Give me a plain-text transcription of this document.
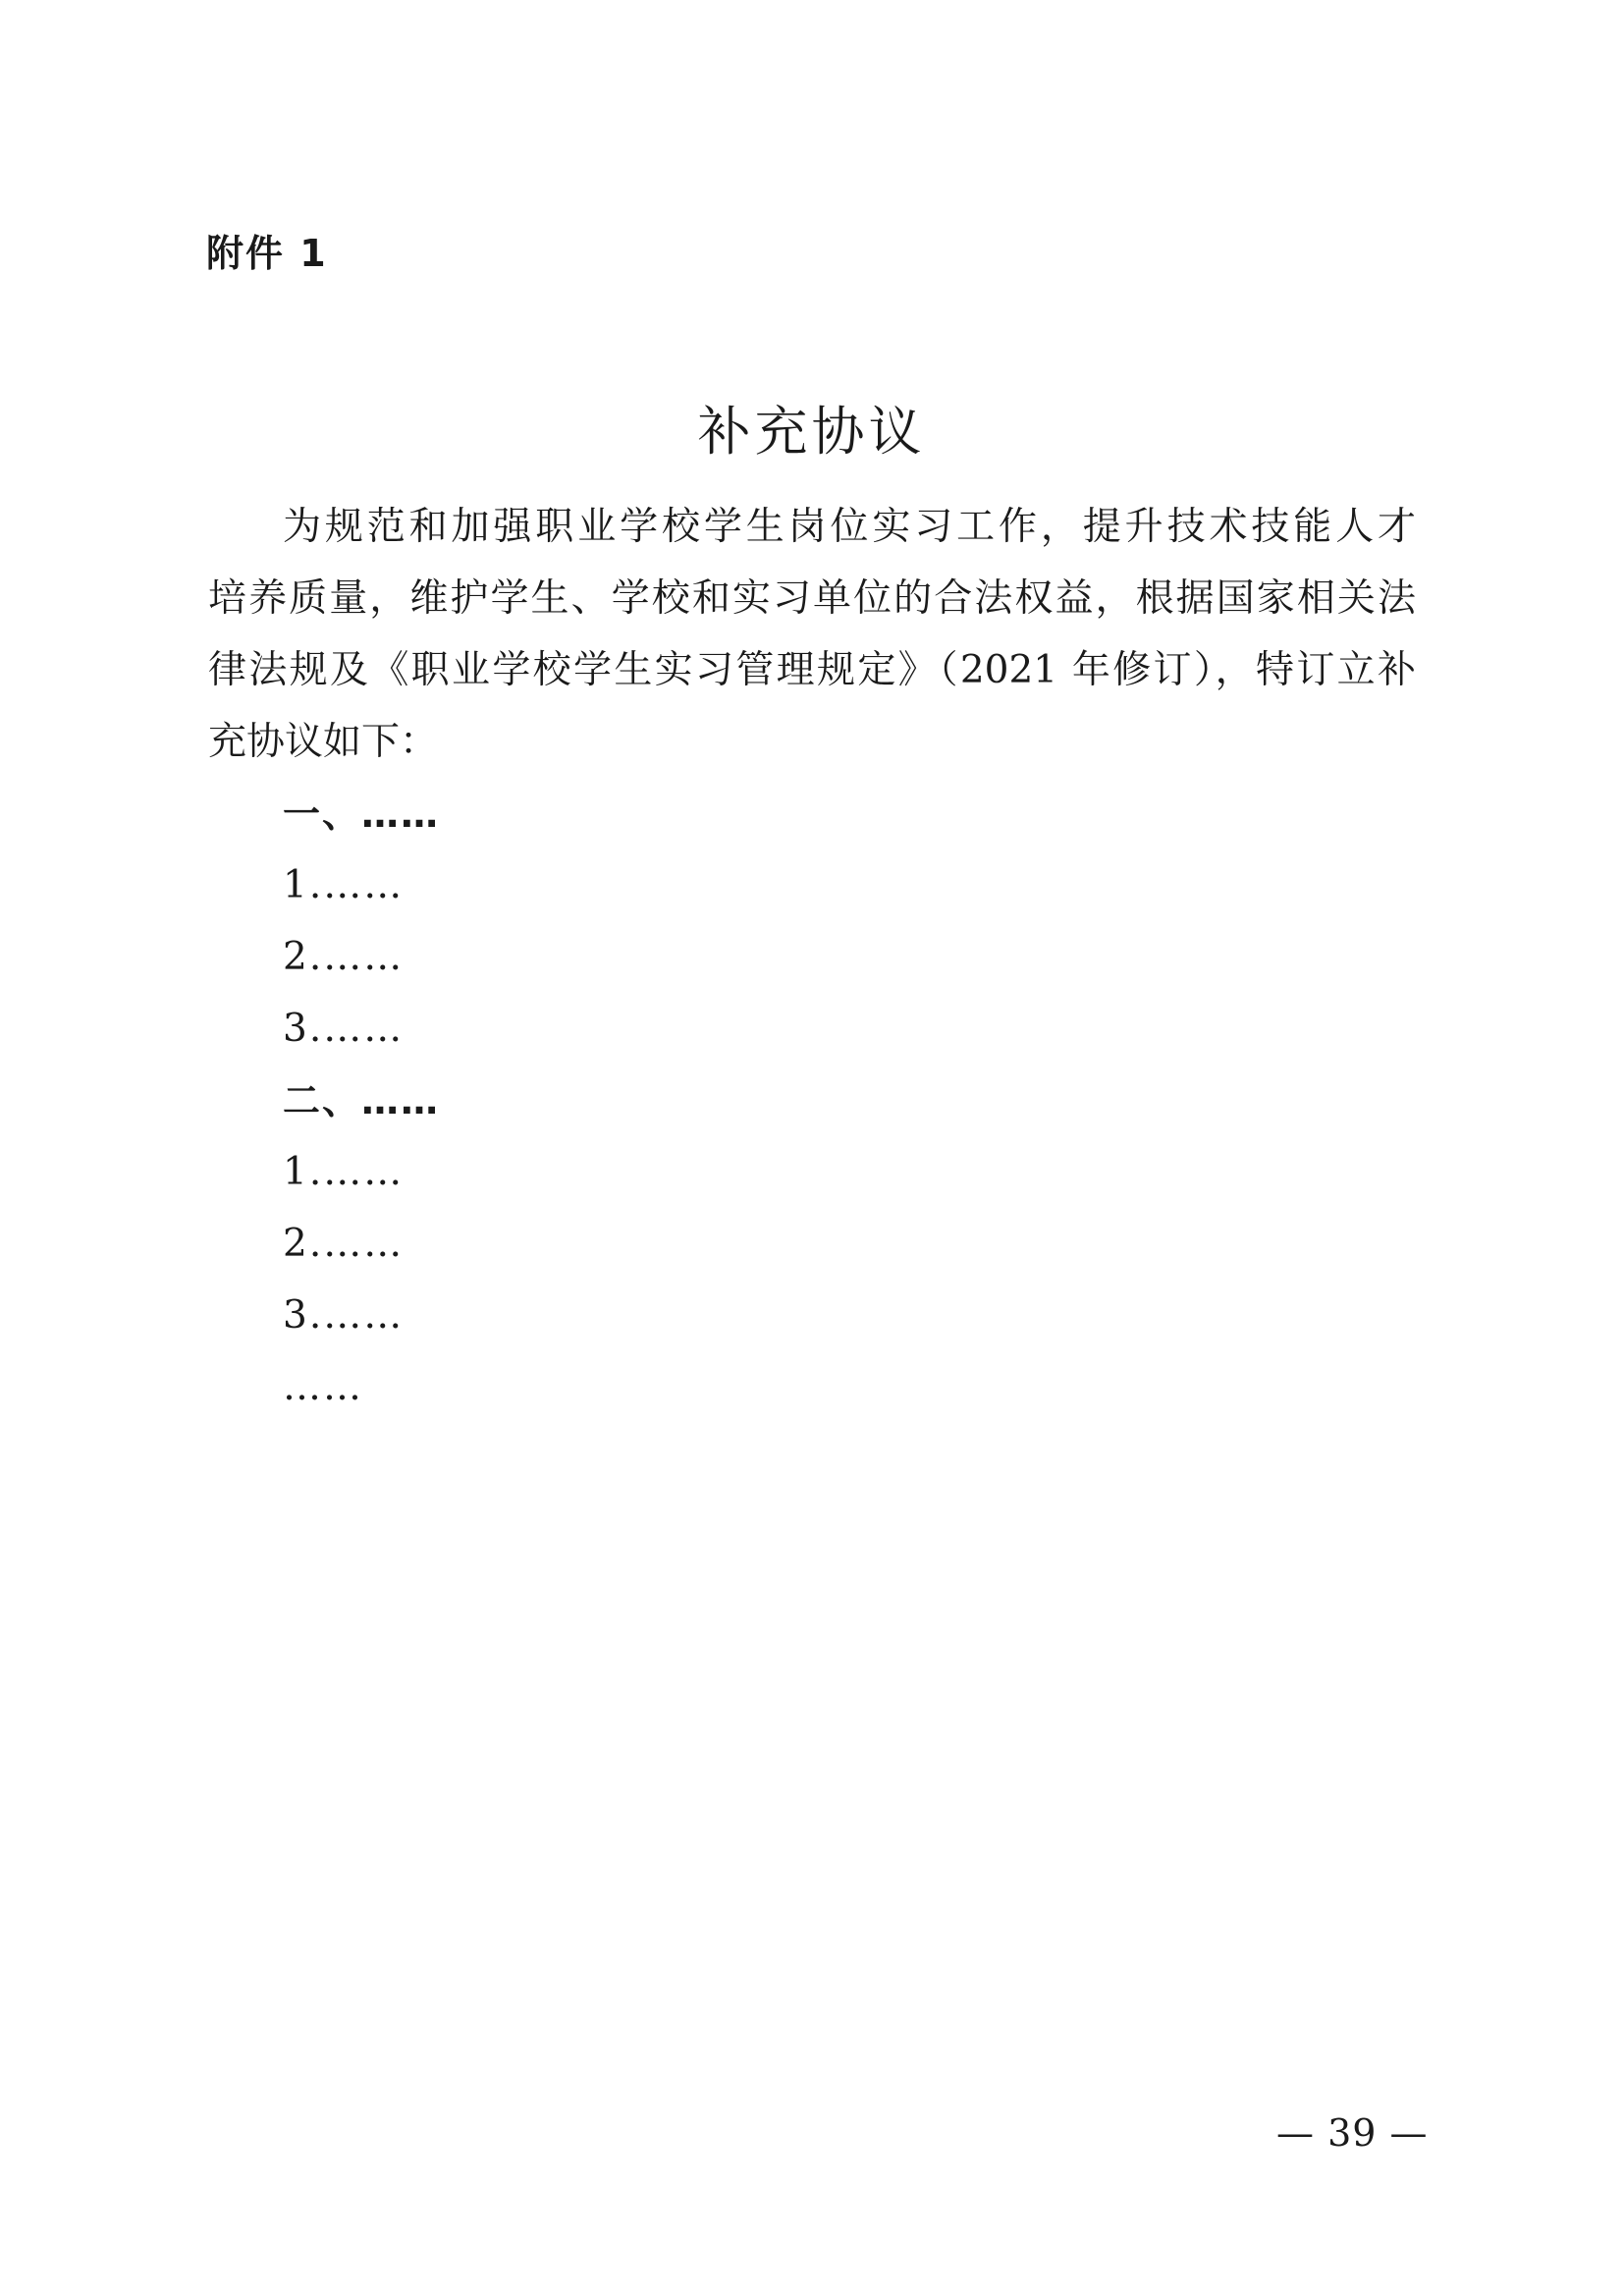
附件 1
补充协议
为规范和加强职业学校学生岗位实习工作，提升技术技能人才
培养质量，维护学生、学校和实习单位的合法权益，根据国家相关法
律法规及《职业学校学生实习管理规定》（2021 年修订），特订立补
充协议如下：
一、……
1.……
2.……
3.……
二、……
1.……
2.……
3.……
……
— 39 —
